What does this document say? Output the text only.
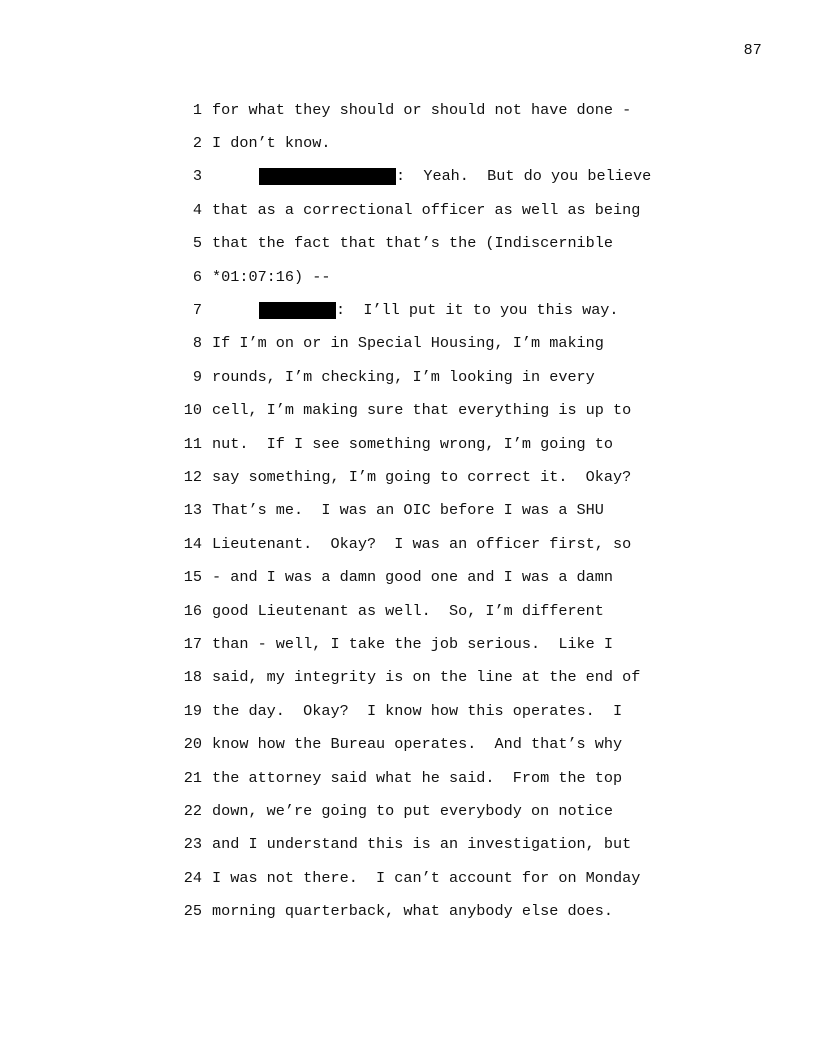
87
1 for what they should or should not have done -
2 I don’t know.
3	:  Yeah.  But do you believe
4 that as a correctional officer as well as being
5 that the fact that that’s the (Indiscernible
6 *01:07:16) --
7	:  I’ll put it to you this way.
8 If I’m on or in Special Housing, I’m making
9 rounds, I’m checking, I’m looking in every
10 cell, I’m making sure that everything is up to
11 nut.  If I see something wrong, I’m going to
12 say something, I’m going to correct it.  Okay?
13 That’s me.  I was an OIC before I was a SHU
14 Lieutenant.  Okay?  I was an officer first, so
15 - and I was a damn good one and I was a damn
16 good Lieutenant as well.  So, I’m different
17 than - well, I take the job serious.  Like I
18 said, my integrity is on the line at the end of
19 the day.  Okay?  I know how this operates.  I
20 know how the Bureau operates.  And that’s why
21 the attorney said what he said.  From the top
22 down, we’re going to put everybody on notice
23 and I understand this is an investigation, but
24 I was not there.  I can’t account for on Monday
25 morning quarterback, what anybody else does.
